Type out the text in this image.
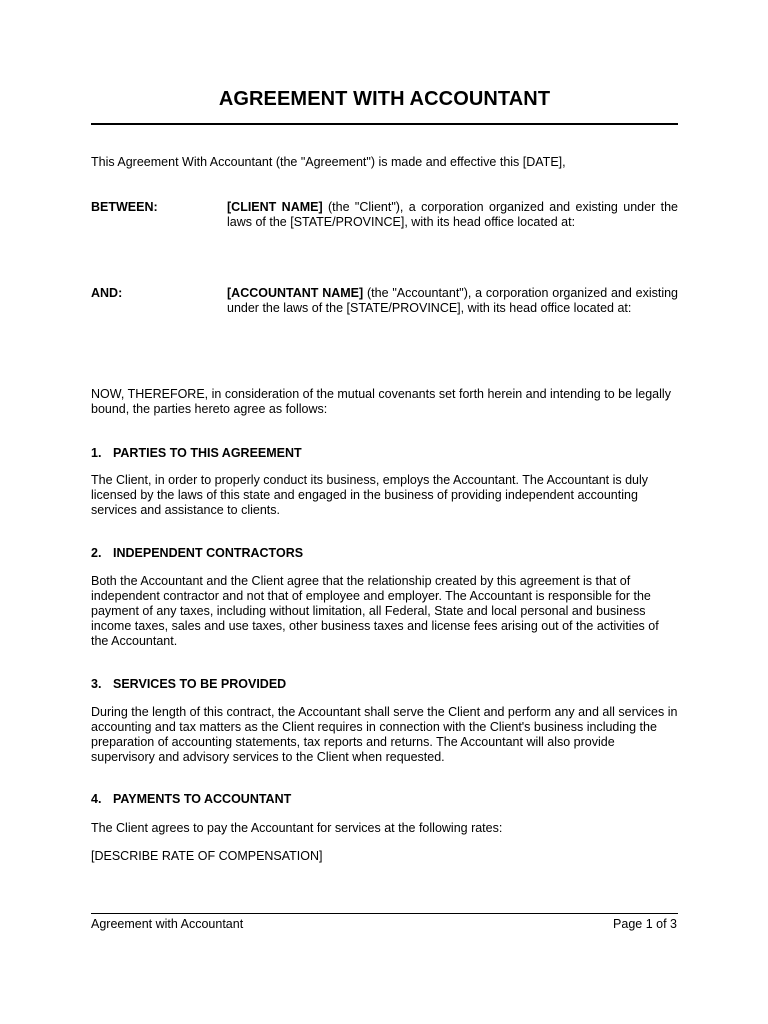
AGREEMENT WITH ACCOUNTANT

This Agreement With Accountant (the "Agreement") is made and effective this [DATE],

BETWEEN:	[CLIENT NAME] (the "Client"), a corporation organized and existing under the laws of the [STATE/PROVINCE], with its head office located at:

AND:	[ACCOUNTANT NAME] (the "Accountant"), a corporation organized and existing under the laws of the [STATE/PROVINCE], with its head office located at:

NOW, THEREFORE, in consideration of the mutual covenants set forth herein and intending to be legally bound, the parties hereto agree as follows:

1. PARTIES TO THIS AGREEMENT

The Client, in order to properly conduct its business, employs the Accountant. The Accountant is duly licensed by the laws of this state and engaged in the business of providing independent accounting services and assistance to clients.

2. INDEPENDENT CONTRACTORS

Both the Accountant and the Client agree that the relationship created by this agreement is that of independent contractor and not that of employee and employer. The Accountant is responsible for the payment of any taxes, including without limitation, all Federal, State and local personal and business income taxes, sales and use taxes, other business taxes and license fees arising out of the activities of the Accountant.

3. SERVICES TO BE PROVIDED

During the length of this contract, the Accountant shall serve the Client and perform any and all services in accounting and tax matters as the Client requires in connection with the Client's business including the preparation of accounting statements, tax reports and returns. The Accountant will also provide supervisory and advisory services to the Client when requested.

4. PAYMENTS TO ACCOUNTANT

The Client agrees to pay the Accountant for services at the following rates:

[DESCRIBE RATE OF COMPENSATION]

Agreement with Accountant	Page 1 of 3
